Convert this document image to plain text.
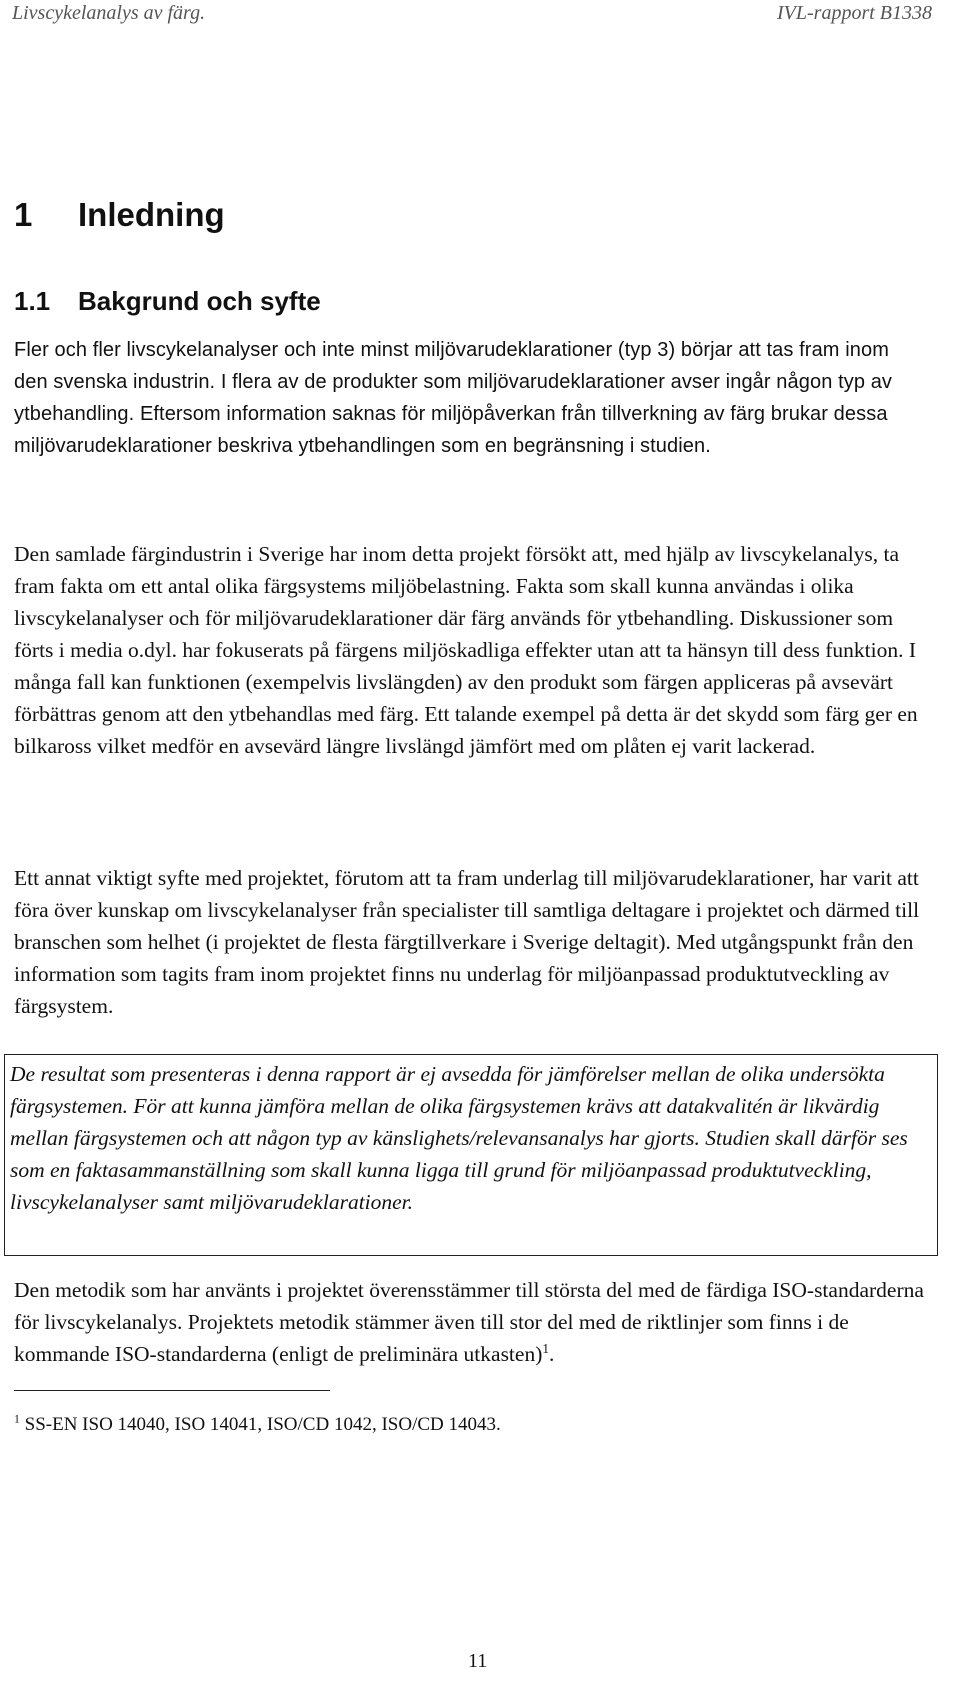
Livscykelanalys av färg.	IVL-rapport B1338
1 Inledning
1.1 Bakgrund och syfte

Fler och fler livscykelanalyser och inte minst miljövarudeklarationer (typ 3) börjar att tas fram inom den svenska industrin. I flera av de produkter som miljövarudeklarationer avser ingår någon typ av ytbehandling. Eftersom information saknas för miljöpåverkan från tillverkning av färg brukar dessa miljövarudeklarationer beskriva ytbehandlingen som en begränsning i studien.

Den samlade färgindustrin i Sverige har inom detta projekt försökt att, med hjälp av livscykelanalys, ta fram fakta om ett antal olika färgsystems miljöbelastning. Fakta som skall kunna användas i olika livscykelanalyser och för miljövarudeklarationer där färg används för ytbehandling. Diskussioner som förts i media o.dyl. har fokuserats på färgens miljöskadliga effekter utan att ta hänsyn till dess funktion. I många fall kan funktionen (exempelvis livslängden) av den produkt som färgen appliceras på avsevärt förbättras genom att den ytbehandlas med färg. Ett talande exempel på detta är det skydd som färg ger en bilkaross vilket medför en avsevärd längre livslängd jämfört med om plåten ej varit lackerad.

Ett annat viktigt syfte med projektet, förutom att ta fram underlag till miljövarudeklarationer, har varit att föra över kunskap om livscykelanalyser från specialister till samtliga deltagare i projektet och därmed till branschen som helhet (i projektet de flesta färgtillverkare i Sverige deltagit). Med utgångspunkt från den information som tagits fram inom projektet finns nu underlag för miljöanpassad produktutveckling av färgsystem.

De resultat som presenteras i denna rapport är ej avsedda för jämförelser mellan de olika undersökta färgsystemen. För att kunna jämföra mellan de olika färgsystemen krävs att datakvalitén är likvärdig mellan färgsystemen och att någon typ av känslighets/relevansanalys har gjorts. Studien skall därför ses som en faktasammanställning som skall kunna ligga till grund för miljöanpassad produktutveckling, livscykelanalyser samt miljövarudeklarationer.

Den metodik som har använts i projektet överensstämmer till största del med de färdiga ISO-standarderna för livscykelanalys. Projektets metodik stämmer även till stor del med de riktlinjer som finns i de kommande ISO-standarderna (enligt de preliminära utkasten)$^1$.

$^1$ SS-EN ISO 14040, ISO 14041, ISO/CD 1042, ISO/CD 14043.

11
